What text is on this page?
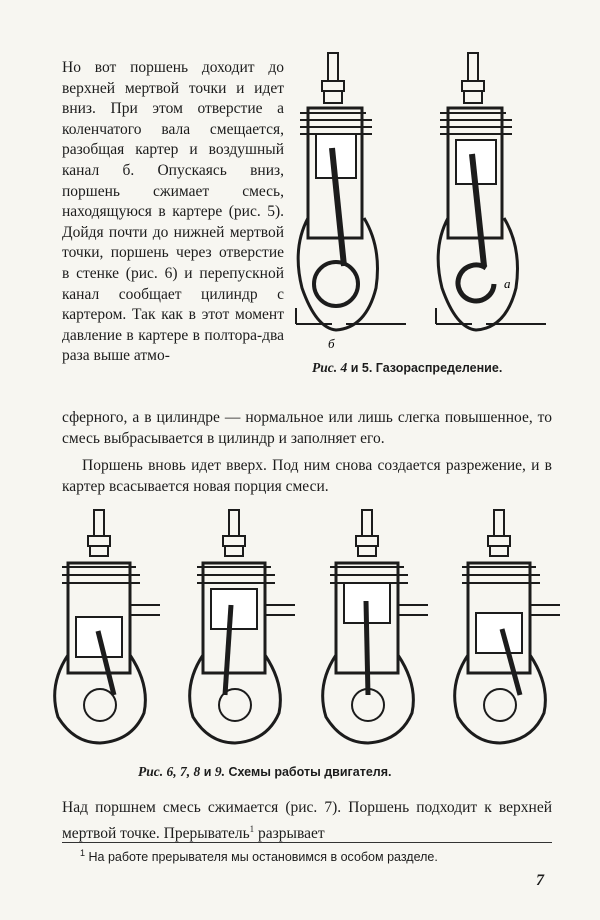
Но вот поршень доходит до верхней мертвой точки и идет вниз. При этом отверстие а коленчатого вала смещается, разобщая картер и воздушный канал б. Опускаясь вниз, поршень сжимает смесь, находящуюся в картере (рис. 5). Дойдя почти до нижней мертвой точки, поршень через отверстие в стенке (рис. 6) и перепускной канал сообщает цилиндр с картером. Так как в этот момент давление в картере в полтора-два раза выше атмо-

б
а

Рис. 4 и 5. Газораспределение.

сферного, а в цилиндре — нормальное или лишь слегка повышенное, то смесь выбрасывается в цилиндр и заполняет его.

Поршень вновь идет вверх. Под ним снова создается разрежение, и в картер всасывается новая порция смеси.

Рис. 6, 7, 8 и 9. Схемы работы двигателя.

Над поршнем смесь сжимается (рис. 7). Поршень подходит к верхней мертвой точке. Прерыватель$^1$ разрывает

$^1$ На работе прерывателя мы остановимся в особом разделе.

7
